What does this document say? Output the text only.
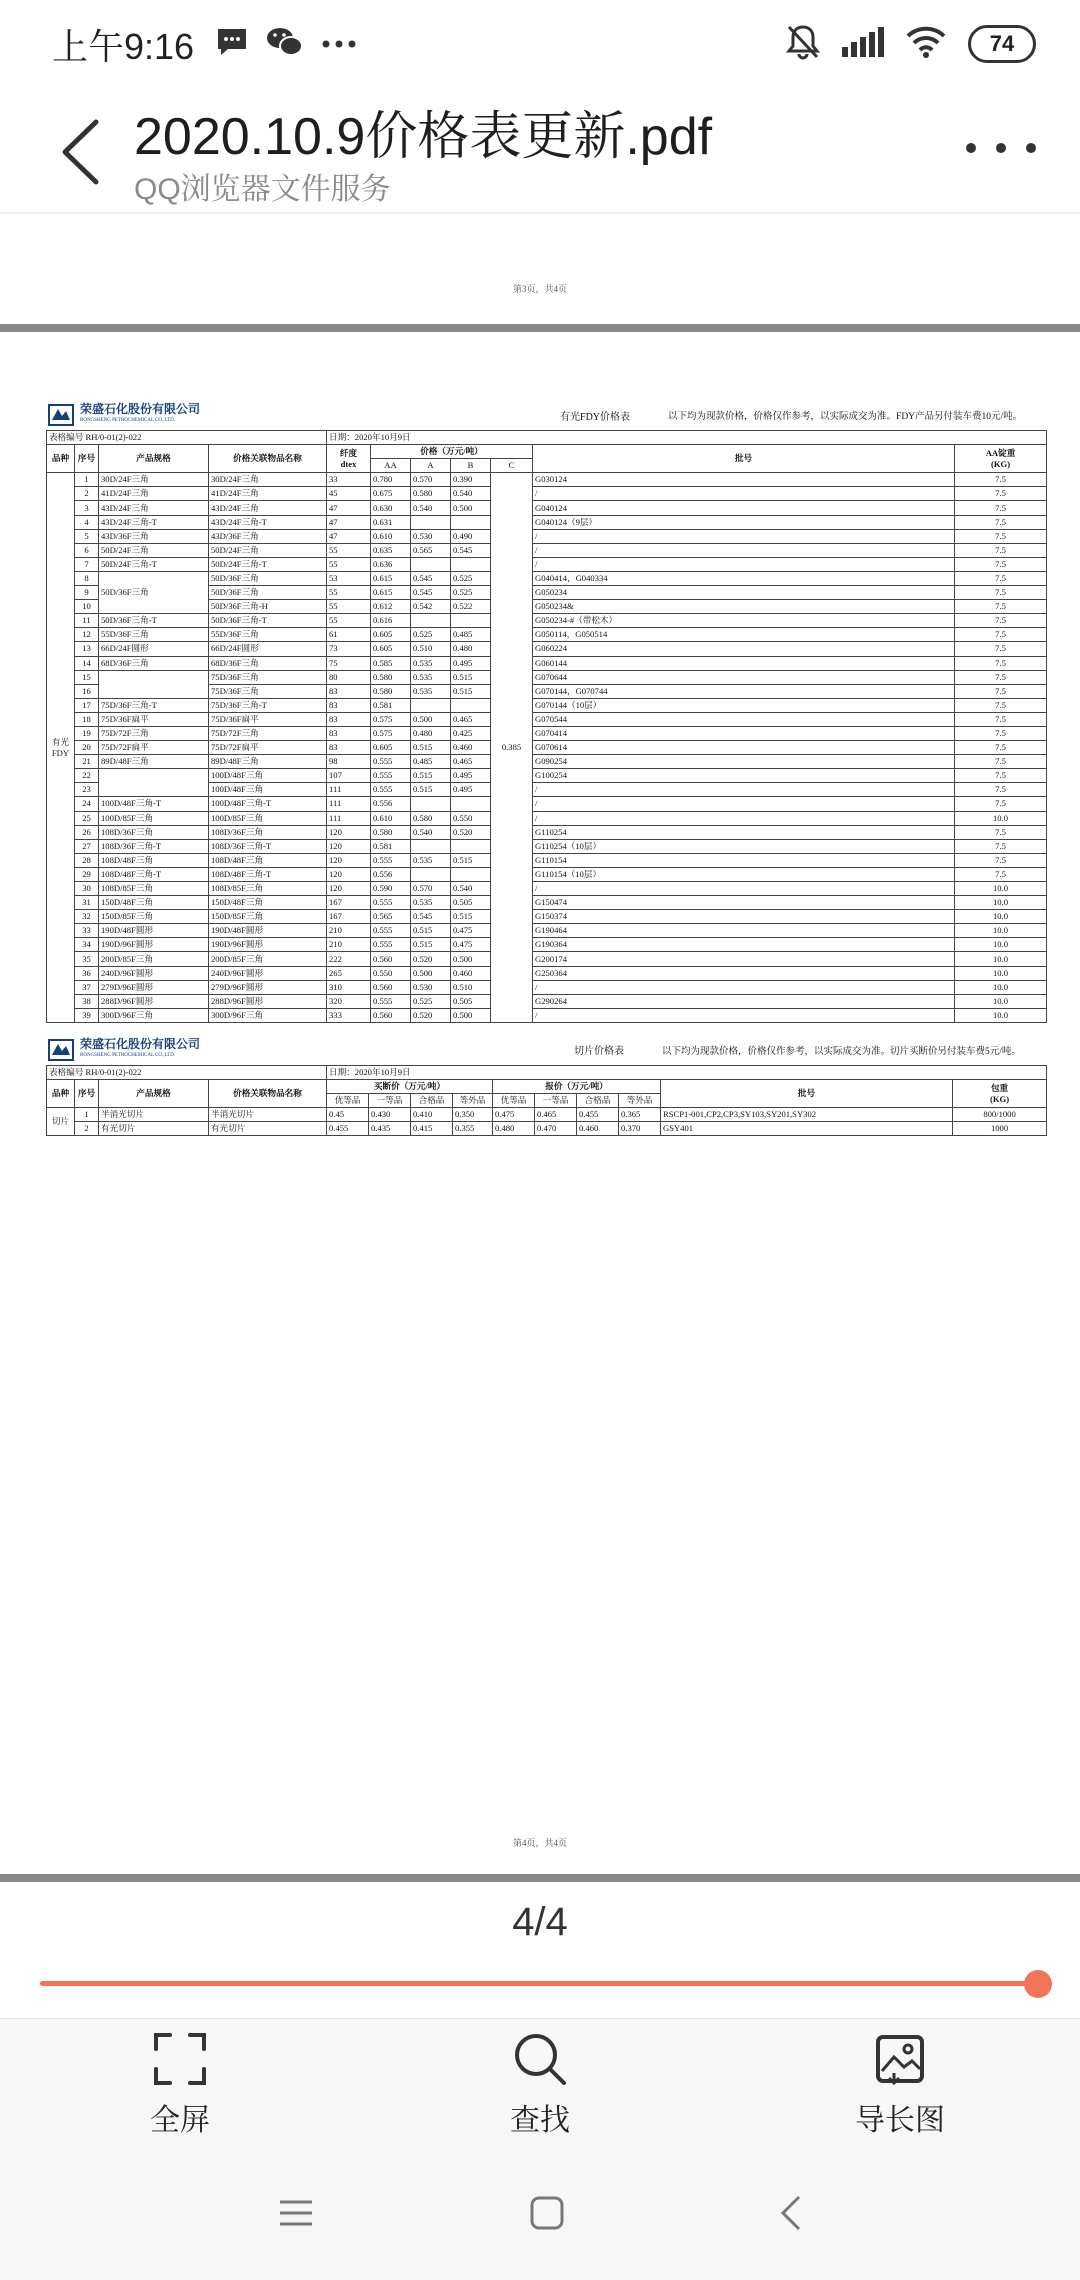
上午9:16	74
2020.10.9价格表更新.pdf
QQ浏览器文件服务
第3页，共4页
荣盛石化股份有限公司
RONGSHENG PETROCHEMICAL CO.,LTD.	有光FDY价格表	以下均为现款价格，价格仅作参考，以实际成交为准。FDY产品另付装车费10元/吨。
表格编号 RH/0-01(2)-022				日期：2020年10月9日						
品种	序号	产品规格	价格关联物品名称	纤度
dtex	价格（万元/吨）				批号	AA锭重
(KG)
					AA	A	B	C		
有光FDY	1	30D/24F三角	30D/24F三角	33	0.780	0.570	0.390	0.385	G030124	7.5
	2	41D/24F三角	41D/24F三角	45	0.675	0.580	0.540		/	7.5
	3	43D/24F三角	43D/24F三角	47	0.630	0.540	0.500		G040124	7.5
	4	43D/24F三角-T	43D/24F三角-T	47	0.631				G040124（9层）	7.5
	5	43D/36F三角	43D/36F三角	47	0.610	0.530	0.490		/	7.5
	6	50D/24F三角	50D/24F三角	55	0.635	0.565	0.545		/	7.5
	7	50D/24F三角-T	50D/24F三角-T	55	0.636				/	7.5
	8	50D/36F三角	50D/36F三角	53	0.615	0.545	0.525		G040414，G040334	7.5
	9		50D/36F三角	55	0.615	0.545	0.525		G050234	7.5
	10		50D/36F三角-H	55	0.612	0.542	0.522		G050234&	7.5
	11	50D/36F三角-T	50D/36F三角-T	55	0.616				G050234-#（带松木）	7.5
	12	55D/36F三角	55D/36F三角	61	0.605	0.525	0.485		G050114，G050514	7.5
	13	66D/24F圆形	66D/24F圆形	73	0.605	0.510	0.480		G060224	7.5
	14	68D/36F三角	68D/36F三角	75	0.585	0.535	0.495		G060144	7.5
	15		75D/36F三角	80	0.580	0.535	0.515		G070644	7.5
	16		75D/36F三角	83	0.580	0.535	0.515		G070144，G070744	7.5
	17	75D/36F三角-T	75D/36F三角-T	83	0.581				G070144（10层）	7.5
	18	75D/36F扁平	75D/36F扁平	83	0.575	0.500	0.465		G070544	7.5
	19	75D/72F三角	75D/72F三角	83	0.575	0.480	0.425		G070414	7.5
	20	75D/72F扁平	75D/72F扁平	83	0.605	0.515	0.460		G070614	7.5
	21	89D/48F三角	89D/48F三角	98	0.555	0.485	0.465		G090254	7.5
	22		100D/48F三角	107	0.555	0.515	0.495		G100254	7.5
	23		100D/48F三角	111	0.555	0.515	0.495		/	7.5
	24	100D/48F三角-T	100D/48F三角-T	111	0.556				/	7.5
	25	100D/85F三角	100D/85F三角	111	0.610	0.580	0.550		/	10.0
	26	108D/36F三角	108D/36F三角	120	0.580	0.540	0.520		G110254	7.5
	27	108D/36F三角-T	108D/36F三角-T	120	0.581				G110254（10层）	7.5
	28	108D/48F三角	108D/48F三角	120	0.555	0.535	0.515		G110154	7.5
	29	108D/48F三角-T	108D/48F三角-T	120	0.556				G110154（10层）	7.5
	30	108D/85F三角	108D/85F三角	120	0.590	0.570	0.540		/	10.0
	31	150D/48F三角	150D/48F三角	167	0.555	0.535	0.505		G150474	10.0
	32	150D/85F三角	150D/85F三角	167	0.565	0.545	0.515		G150374	10.0
	33	190D/48F圆形	190D/48F圆形	210	0.555	0.515	0.475		G190464	10.0
	34	190D/96F圆形	190D/96F圆形	210	0.555	0.515	0.475		G190364	10.0
	35	200D/85F三角	200D/85F三角	222	0.560	0.520	0.500		G200174	10.0
	36	240D/96F圆形	240D/96F圆形	265	0.550	0.500	0.460		G250364	10.0
	37	279D/96F圆形	279D/96F圆形	310	0.560	0.530	0.510		/	10.0
	38	288D/96F圆形	288D/96F圆形	320	0.555	0.525	0.505		G290264	10.0
	39	300D/96F三角	300D/96F三角	333	0.560	0.520	0.500		/	10.0
荣盛石化股份有限公司
RONGSHENG PETROCHEMICAL CO.,LTD.	切片价格表	以下均为现款价格，价格仅作参考，以实际成交为准。切片买断价另付装车费5元/吨。
表格编号 RH/0-01(2)-022				日期：2020年10月9日									
品种	序号	产品规格	价格关联物品名称	买断价（万元/吨）				报价（万元/吨）				批号	包重
(KG)
				优等品	一等品	合格品	等外品	优等品	一等品	合格品	等外品		
切片	1	半消光切片	半消光切片	0.45	0.430	0.410	0.350	0.475	0.465	0.455	0.365	RSCP1-001,CP2,CP3,SY103,SY201,SY302	800/1000
	2	有光切片	有光切片	0.455	0.435	0.415	0.355	0.480	0.470	0.460	0.370	GSY401	1000
第4页，共4页
4/4
全屏	查找	导长图
